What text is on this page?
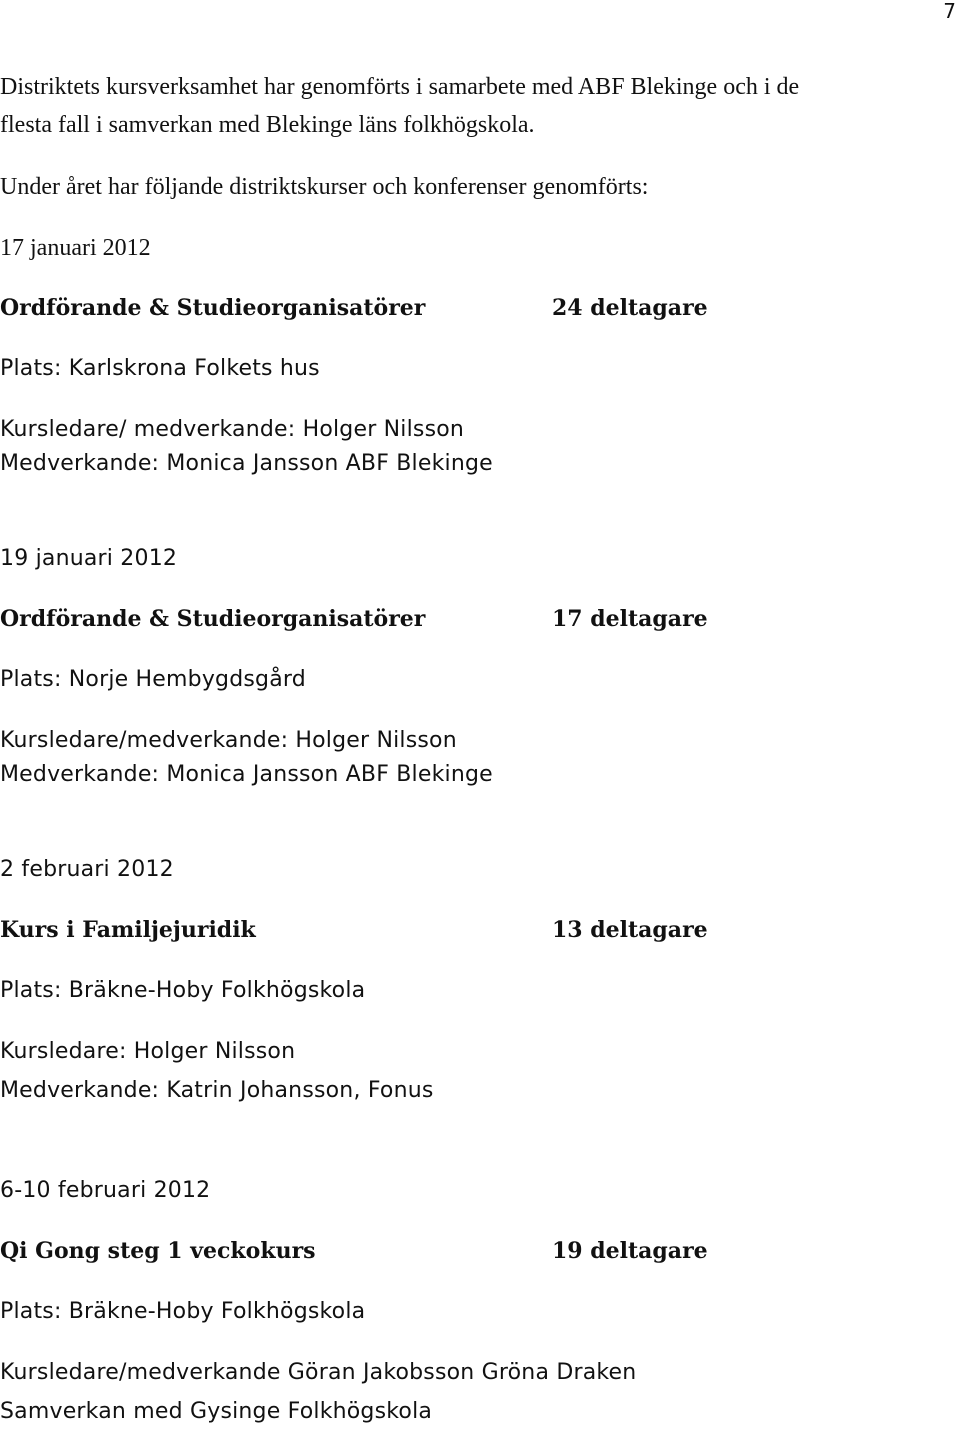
7
Distriktets kursverksamhet har genomförts i samarbete med ABF Blekinge och i de
flesta fall i samverkan med Blekinge läns folkhögskola.
Under året har följande distriktskurser och konferenser genomförts:
17 januari 2012
Ordförande & Studieorganisatörer	24 deltagare
Plats: Karlskrona Folkets hus
Kursledare/ medverkande: Holger Nilsson
Medverkande: Monica Jansson ABF Blekinge
19 januari 2012
Ordförande & Studieorganisatörer	17 deltagare
Plats: Norje Hembygdsgård
Kursledare/medverkande: Holger Nilsson
Medverkande: Monica Jansson ABF Blekinge
2 februari 2012
Kurs i Familjejuridik	13 deltagare
Plats: Bräkne-Hoby Folkhögskola
Kursledare: Holger Nilsson
Medverkande: Katrin Johansson, Fonus
6-10 februari 2012
Qi Gong steg 1 veckokurs	19 deltagare
Plats: Bräkne-Hoby Folkhögskola
Kursledare/medverkande Göran Jakobsson Gröna Draken
Samverkan med Gysinge Folkhögskola
